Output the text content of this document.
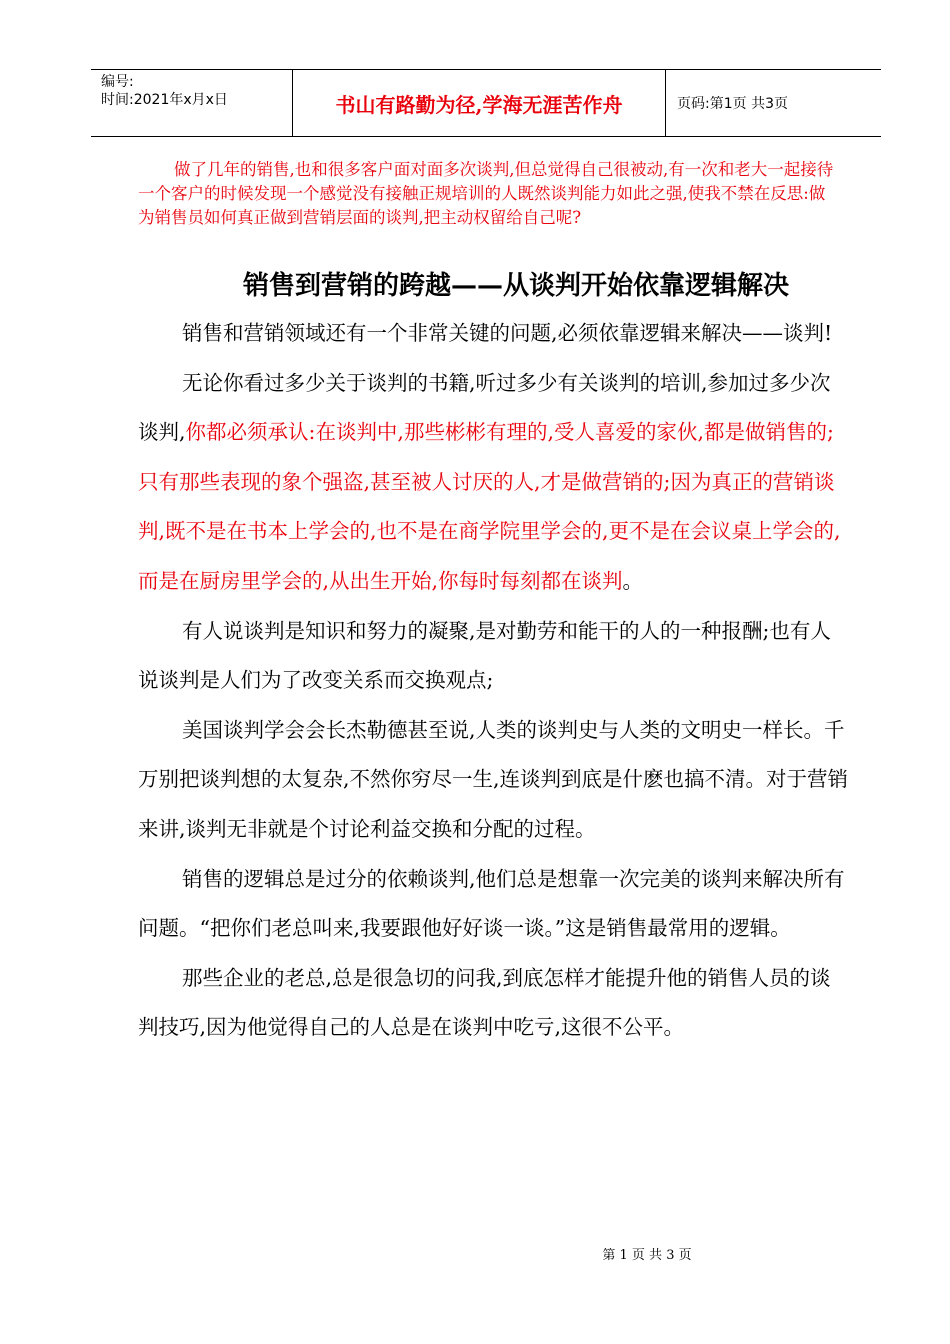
编号:
时间:2021年x月x日	书山有路勤为径,学海无涯苦作舟	页码:第1页 共3页

做了几年的销售,也和很多客户面对面多次谈判,但总觉得自己很被动,有一次和老大一起接待一个客户的时候发现一个感觉没有接触正规培训的人既然谈判能力如此之强,使我不禁在反思:做为销售员如何真正做到营销层面的谈判,把主动权留给自己呢?

销售到营销的跨越——从谈判开始依靠逻辑解决

销售和营销领域还有一个非常关键的问题,必须依靠逻辑来解决——谈判!

无论你看过多少关于谈判的书籍,听过多少有关谈判的培训,参加过多少次谈判,你都必须承认:在谈判中,那些彬彬有理的,受人喜爱的家伙,都是做销售的;只有那些表现的象个强盗,甚至被人讨厌的人,才是做营销的;因为真正的营销谈判,既不是在书本上学会的,也不是在商学院里学会的,更不是在会议桌上学会的,而是在厨房里学会的,从出生开始,你每时每刻都在谈判。

有人说谈判是知识和努力的凝聚,是对勤劳和能干的人的一种报酬;也有人说谈判是人们为了改变关系而交换观点;

美国谈判学会会长杰勒德甚至说,人类的谈判史与人类的文明史一样长。千万别把谈判想的太复杂,不然你穷尽一生,连谈判到底是什麽也搞不清。对于营销来讲,谈判无非就是个讨论利益交换和分配的过程。

销售的逻辑总是过分的依赖谈判,他们总是想靠一次完美的谈判来解决所有问题。“把你们老总叫来,我要跟他好好谈一谈。”这是销售最常用的逻辑。

那些企业的老总,总是很急切的问我,到底怎样才能提升他的销售人员的谈判技巧,因为他觉得自己的人总是在谈判中吃亏,这很不公平。

第 1 页 共 3 页
